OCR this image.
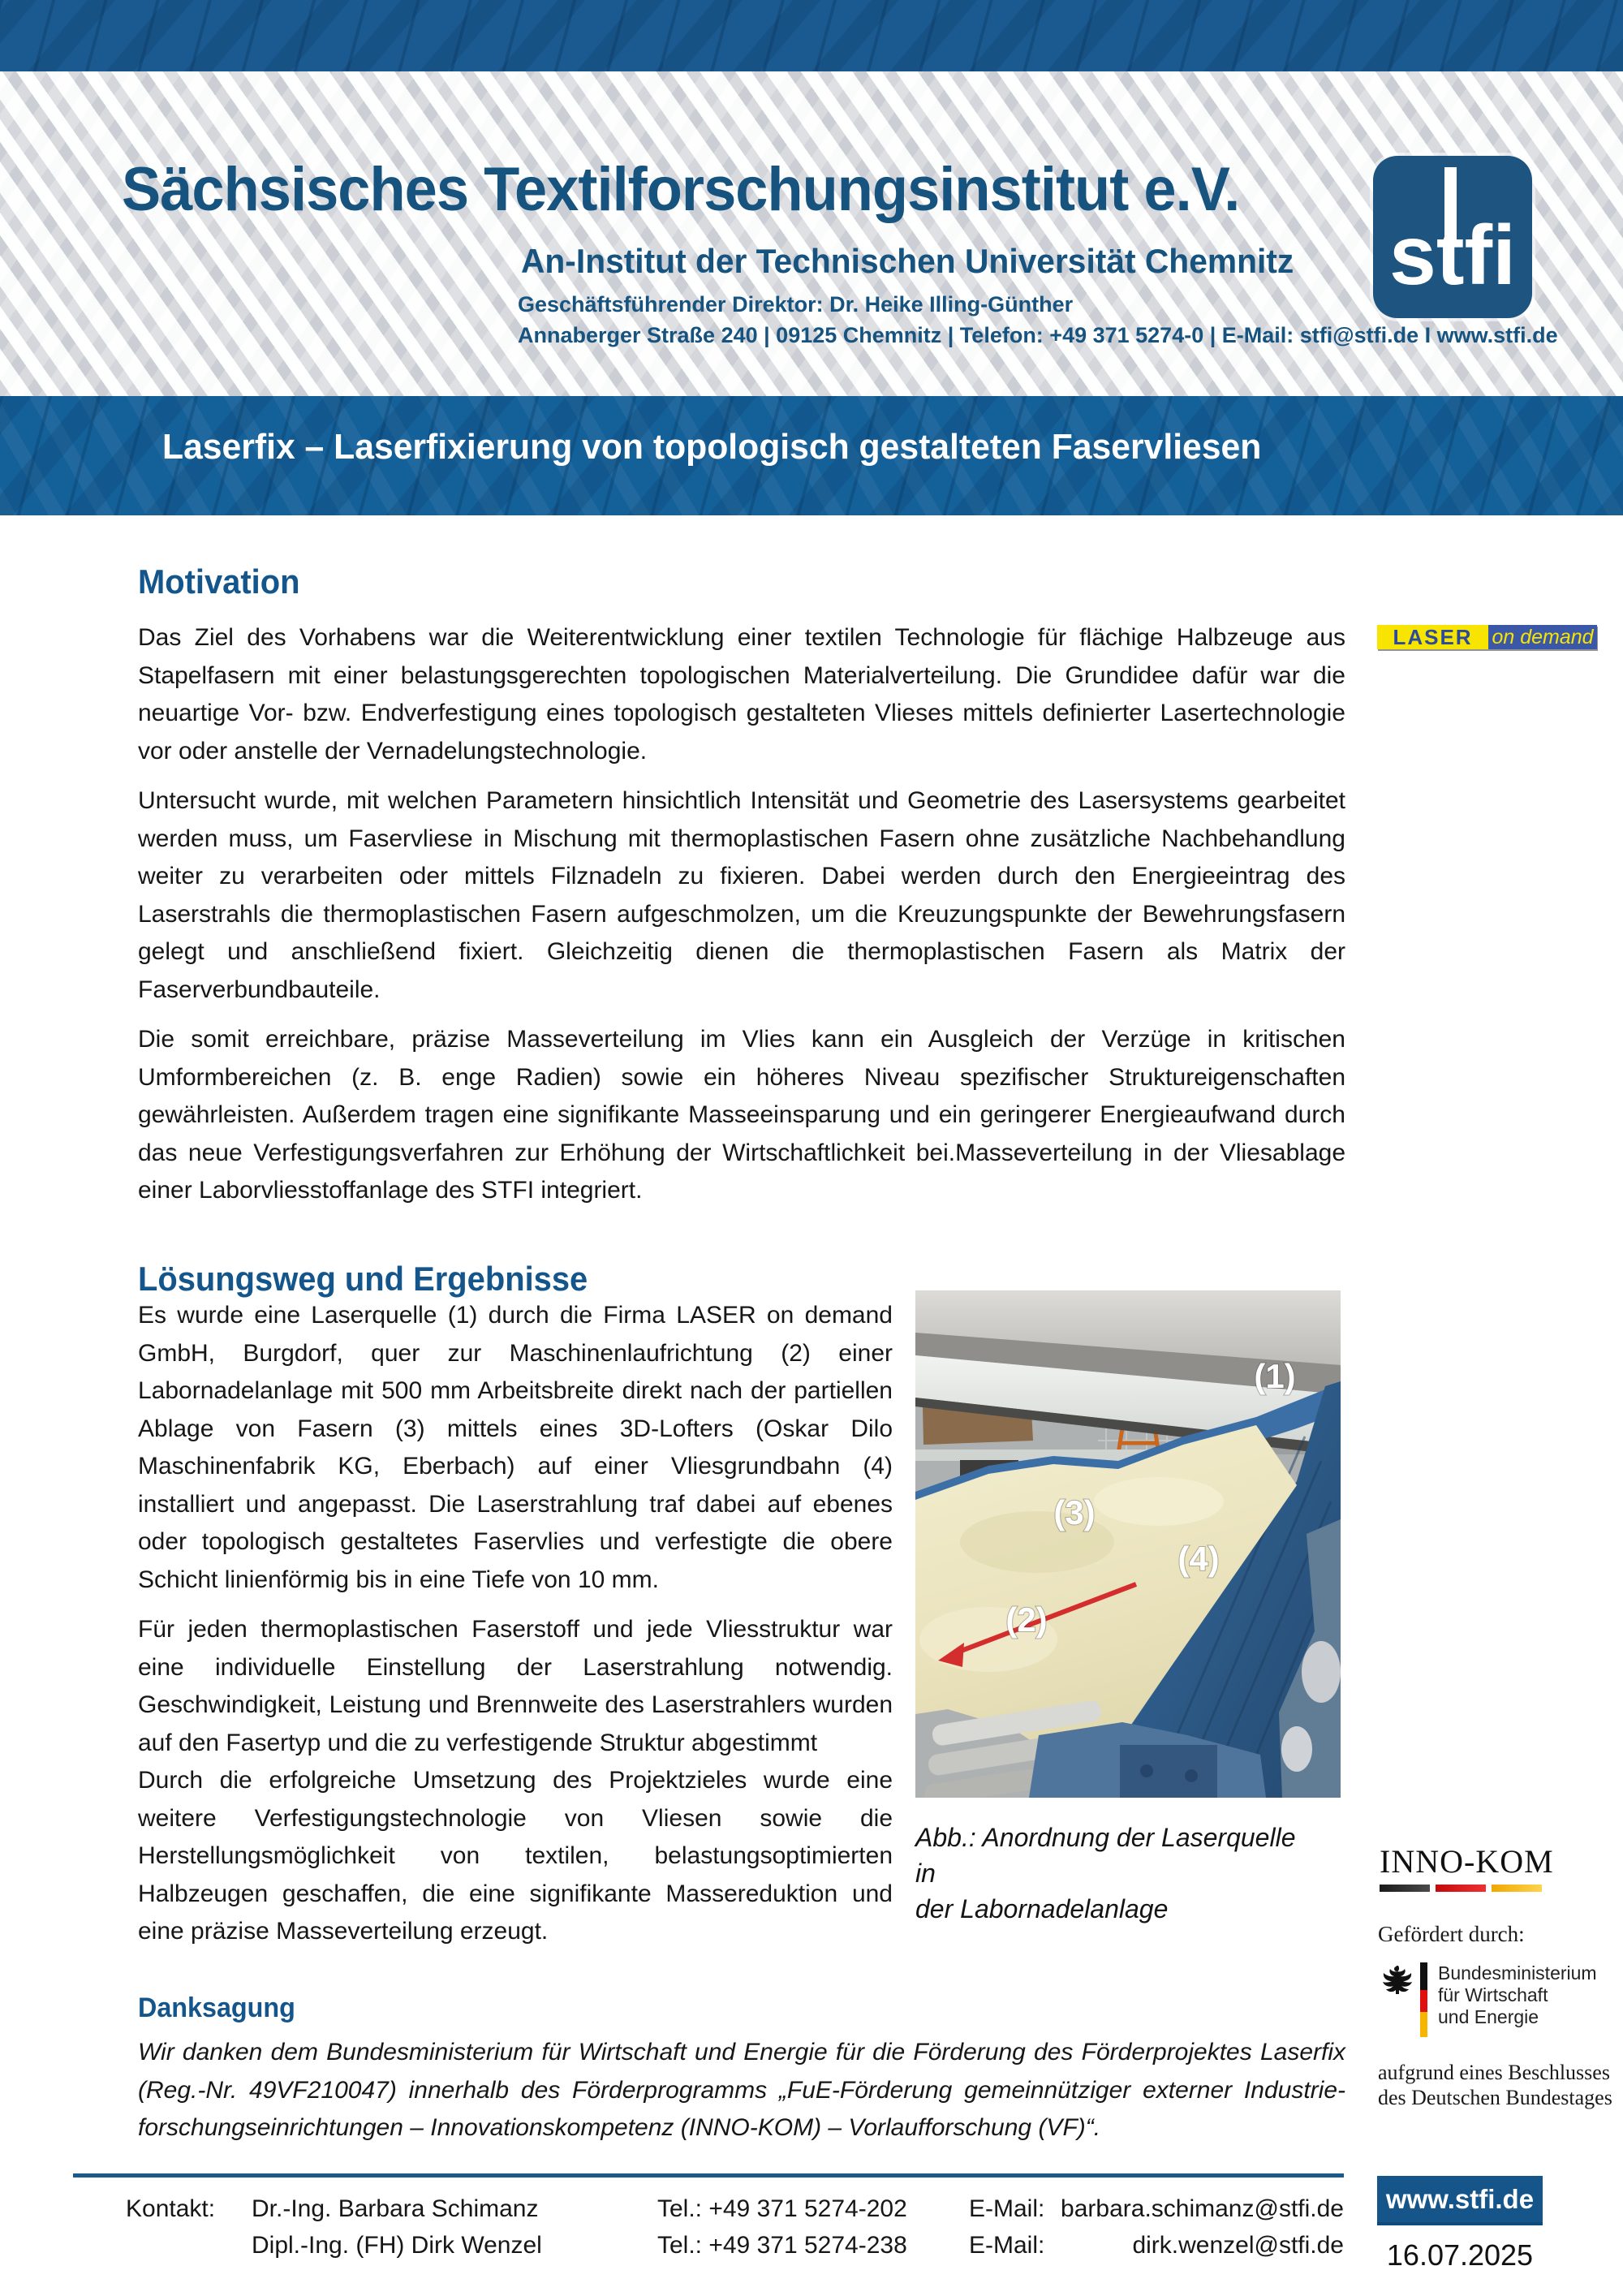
Sächsisches Textilforschungsinstitut e.V.
An-Institut der Technischen Universität Chemnitz
Geschäftsführender Direktor: Dr. Heike Illing-Günther
Annaberger Straße 240 | 09125 Chemnitz | Telefon: +49 371 5274-0 | E-Mail: stfi@stfi.de I www.stfi.de
stfi
Laserfix – Laserfixierung von topologisch gestalteten Faservliesen
LASER on demand
Motivation

Das Ziel des Vorhabens war die Weiterentwicklung einer textilen Technologie für flächige Halbzeuge aus Stapelfasern mit einer belastungsgerechten topologischen Materialverteilung. Die Grundidee dafür war die neuartige Vor- bzw. Endverfestigung eines topologisch gestalteten Vlieses mittels definierter Lasertechnologie vor oder anstelle der Vernadelungstechnologie.

Untersucht wurde, mit welchen Parametern hinsichtlich Intensität und Geometrie des Lasersystems gearbeitet werden muss, um Faservliese in Mischung mit thermoplastischen Fasern ohne zusätzliche Nachbehandlung weiter zu verarbeiten oder mittels Filznadeln zu fixieren. Dabei werden durch den Energieeintrag des Laserstrahls die thermoplastischen Fasern aufgeschmolzen, um die Kreuzungspunkte der Bewehrungsfasern gelegt und anschließend fixiert. Gleichzeitig dienen die thermoplastischen Fasern als Matrix der Faserverbundbauteile.

Die somit erreichbare, präzise Masseverteilung im Vlies kann ein Ausgleich der Verzüge in kritischen Umformbereichen (z. B. enge Radien) sowie ein höheres Niveau spezifischer Struktureigenschaften gewährleisten. Außerdem tragen eine signifikante Masseeinsparung und ein geringerer Energieaufwand durch das neue Verfestigungsverfahren zur Erhöhung der Wirtschaftlichkeit bei.Masseverteilung in der Vliesablage einer Laborvliesstoffanlage des STFI integriert.

Lösungsweg und Ergebnisse

Es wurde eine Laserquelle (1) durch die Firma LASER on demand GmbH, Burgdorf, quer zur Maschinenlaufrichtung (2) einer Labornadelanlage mit 500 mm Arbeitsbreite direkt nach der partiellen Ablage von Fasern (3) mittels eines 3D-Lofters (Oskar Dilo Maschinenfabrik KG, Eberbach) auf einer Vliesgrundbahn (4) installiert und angepasst. Die Laserstrahlung traf dabei auf ebenes oder topologisch gestaltetes Faservlies und verfestigte die obere Schicht linienförmig bis in eine Tiefe von 10 mm.

Für jeden thermoplastischen Faserstoff und jede Vliesstruktur war eine individuelle Einstellung der Laserstrahlung notwendig. Geschwindigkeit, Leistung und Brennweite des Laserstrahlers wurden auf den Fasertyp und die zu verfestigende Struktur abgestimmt

Durch die erfolgreiche Umsetzung des Projektzieles wurde eine weitere Verfestigungstechnologie von Vliesen sowie die Herstellungsmöglichkeit von textilen, belastungsoptimierten Halbzeugen geschaffen, die eine signifikante Massereduktion und eine präzise Masseverteilung erzeugt.

(1)
(3)
(4)
(2)
Abb.: Anordnung der Laserquelle in
der Labornadelanlage
INNO-KOM
Gefördert durch:
Bundesministerium
für Wirtschaft
und Energie
aufgrund eines Beschlusses
des Deutschen Bundestages
Danksagung
Wir danken dem Bundesministerium für Wirtschaft und Energie für die Förderung des Förderprojektes Laserfix (Reg.-Nr. 49VF210047) innerhalb des Förderprogramms „FuE-Förderung gemeinnütziger externer Industrie-forschungseinrichtungen – Innovationskompetenz (INNO-KOM) – Vorlaufforschung (VF)“.
Kontakt: Dr.-Ing. Barbara Schimanz
Dipl.-Ing. (FH) Dirk Wenzel
Tel.: +49 371 5274-202
Tel.: +49 371 5274-238
E-Mail: barbara.schimanz@stfi.de
E-Mail:	dirk.wenzel@stfi.de
www.stfi.de
16.07.2025
